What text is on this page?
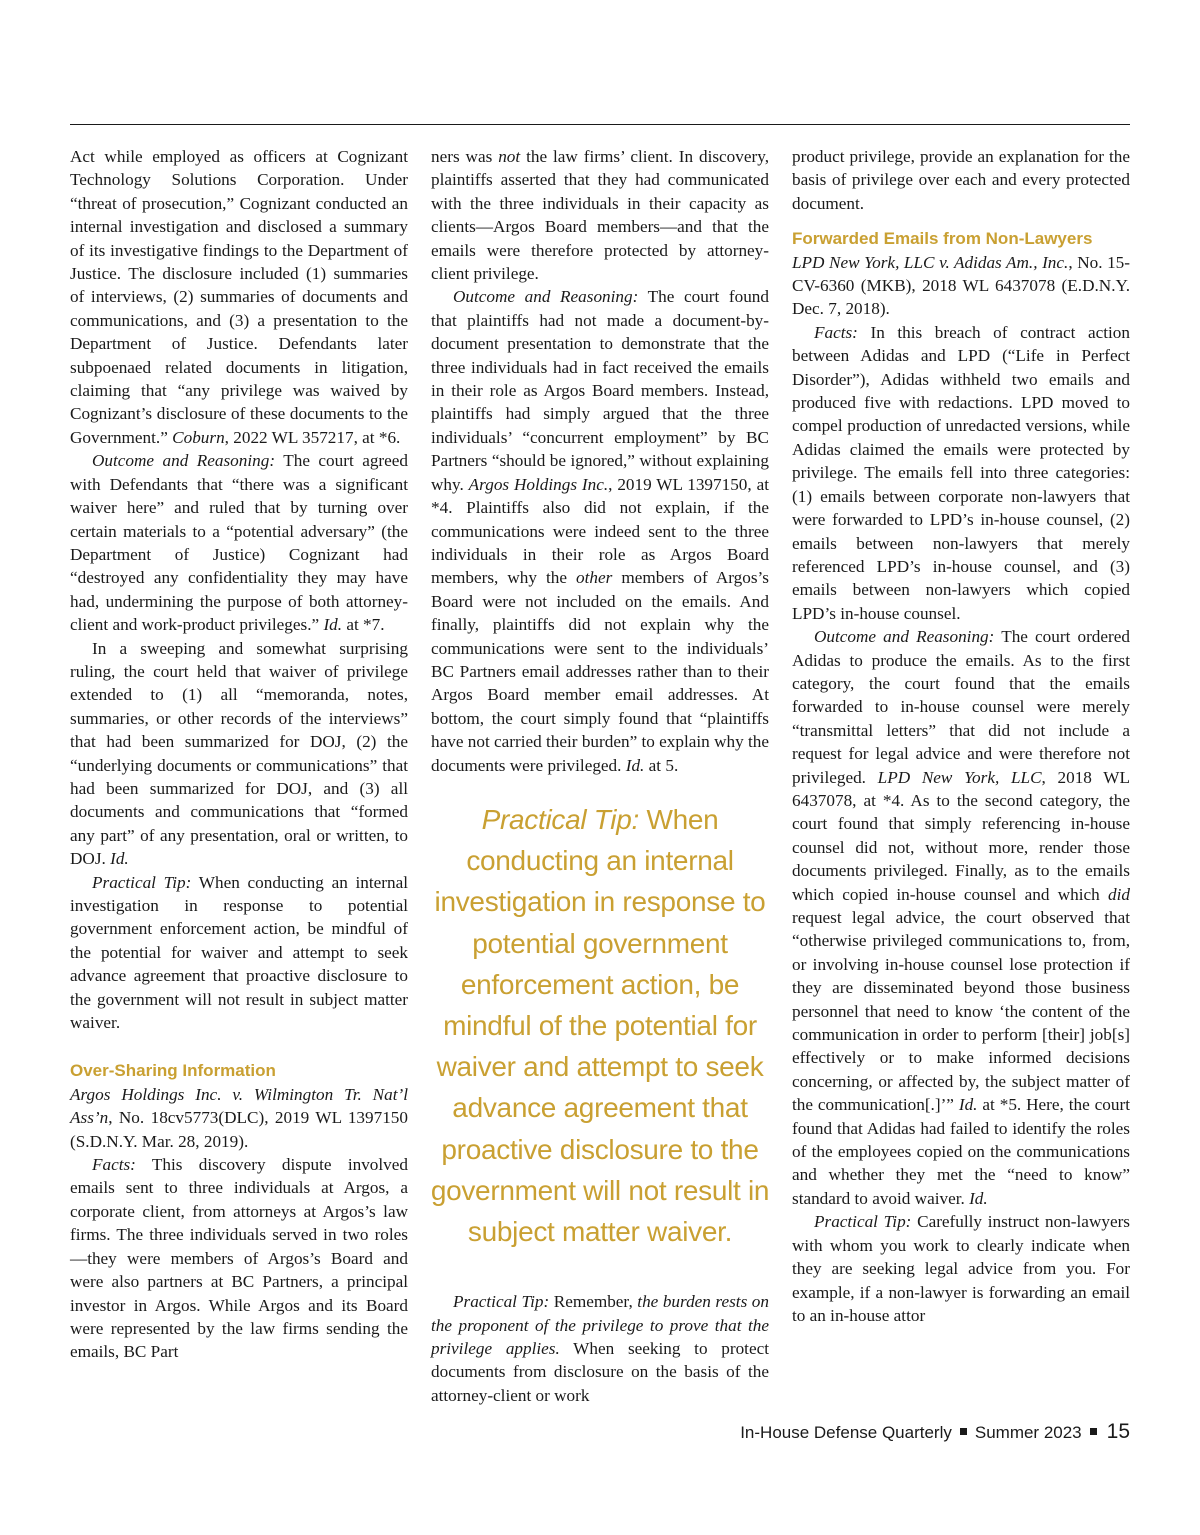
Act while employed as officers at Cognizant Technology Solutions Corporation. Under “threat of prosecution,” Cognizant conducted an internal investigation and disclosed a summary of its investigative findings to the Department of Justice. The disclosure included (1) summaries of interviews, (2) summaries of documents and communications, and (3) a presentation to the Department of Justice. Defendants later subpoenaed related documents in litigation, claiming that “any privilege was waived by Cognizant’s disclosure of these documents to the Government.” Coburn, 2022 WL 357217, at *6.

Outcome and Reasoning: The court agreed with Defendants that “there was a significant waiver here” and ruled that by turning over certain materials to a “potential adversary” (the Department of Justice) Cognizant had “destroyed any confidentiality they may have had, undermining the purpose of both attorney-client and work-product privileges.” Id. at *7.

In a sweeping and somewhat surprising ruling, the court held that waiver of privilege extended to (1) all “memoranda, notes, summaries, or other records of the interviews” that had been summarized for DOJ, (2) the “underlying documents or communications” that had been summarized for DOJ, and (3) all documents and communications that “formed any part” of any presentation, oral or written, to DOJ. Id.

Practical Tip: When conducting an internal investigation in response to potential government enforcement action, be mindful of the potential for waiver and attempt to seek advance agreement that proactive disclosure to the government will not result in subject matter waiver.

Over-Sharing Information

Argos Holdings Inc. v. Wilmington Tr. Nat’l Ass’n, No. 18cv5773(DLC), 2019 WL 1397150 (S.D.N.Y. Mar. 28, 2019).

Facts: This discovery dispute involved emails sent to three individuals at Argos, a corporate client, from attorneys at Argos’s law firms. The three individuals served in two roles—they were members of Argos’s Board and were also partners at BC Partners, a principal investor in Argos. While Argos and its Board were represented by the law firms sending the emails, BC Part

ners was not the law firms’ client. In discovery, plaintiffs asserted that they had communicated with the three individuals in their capacity as clients—Argos Board members—and that the emails were therefore protected by attorney-client privilege.

Outcome and Reasoning: The court found that plaintiffs had not made a document-by-document presentation to demonstrate that the three individuals had in fact received the emails in their role as Argos Board members. Instead, plaintiffs had simply argued that the three individuals’ “concurrent employment” by BC Partners “should be ignored,” without explaining why. Argos Holdings Inc., 2019 WL 1397150, at *4. Plaintiffs also did not explain, if the communications were indeed sent to the three individuals in their role as Argos Board members, why the other members of Argos’s Board were not included on the emails. And finally, plaintiffs did not explain why the communications were sent to the individuals’ BC Partners email addresses rather than to their Argos Board member email addresses. At bottom, the court simply found that “plaintiffs have not carried their burden” to explain why the documents were privileged. Id. at 5.

Practical Tip: When conducting an internal investigation in response to potential government enforcement action, be mindful of the potential for waiver and attempt to seek advance agreement that proactive disclosure to the government will not result in subject matter waiver.

Practical Tip: Remember, the burden rests on the proponent of the privilege to prove that the privilege applies. When seeking to protect documents from disclosure on the basis of the attorney-client or work

product privilege, provide an explanation for the basis of privilege over each and every protected document.

Forwarded Emails from Non-Lawyers

LPD New York, LLC v. Adidas Am., Inc., No. 15-CV-6360 (MKB), 2018 WL 6437078 (E.D.N.Y. Dec. 7, 2018).

Facts: In this breach of contract action between Adidas and LPD (“Life in Perfect Disorder”), Adidas withheld two emails and produced five with redactions. LPD moved to compel production of unredacted versions, while Adidas claimed the emails were protected by privilege. The emails fell into three categories: (1) emails between corporate non-lawyers that were forwarded to LPD’s in-house counsel, (2) emails between non-lawyers that merely referenced LPD’s in-house counsel, and (3) emails between non-lawyers which copied LPD’s in-house counsel.

Outcome and Reasoning: The court ordered Adidas to produce the emails. As to the first category, the court found that the emails forwarded to in-house counsel were merely “transmittal letters” that did not include a request for legal advice and were therefore not privileged. LPD New York, LLC, 2018 WL 6437078, at *4. As to the second category, the court found that simply referencing in-house counsel did not, without more, render those documents privileged. Finally, as to the emails which copied in-house counsel and which did request legal advice, the court observed that “otherwise privileged communications to, from, or involving in-house counsel lose protection if they are disseminated beyond those business personnel that need to know ‘the content of the communication in order to perform [their] job[s] effectively or to make informed decisions concerning, or affected by, the subject matter of the communication[.]’” Id. at *5. Here, the court found that Adidas had failed to identify the roles of the employees copied on the communications and whether they met the “need to know” standard to avoid waiver. Id.

Practical Tip: Carefully instruct non-lawyers with whom you work to clearly indicate when they are seeking legal advice from you. For example, if a non-lawyer is forwarding an email to an in-house attor

In-House Defense Quarterly Summer 2023 15
